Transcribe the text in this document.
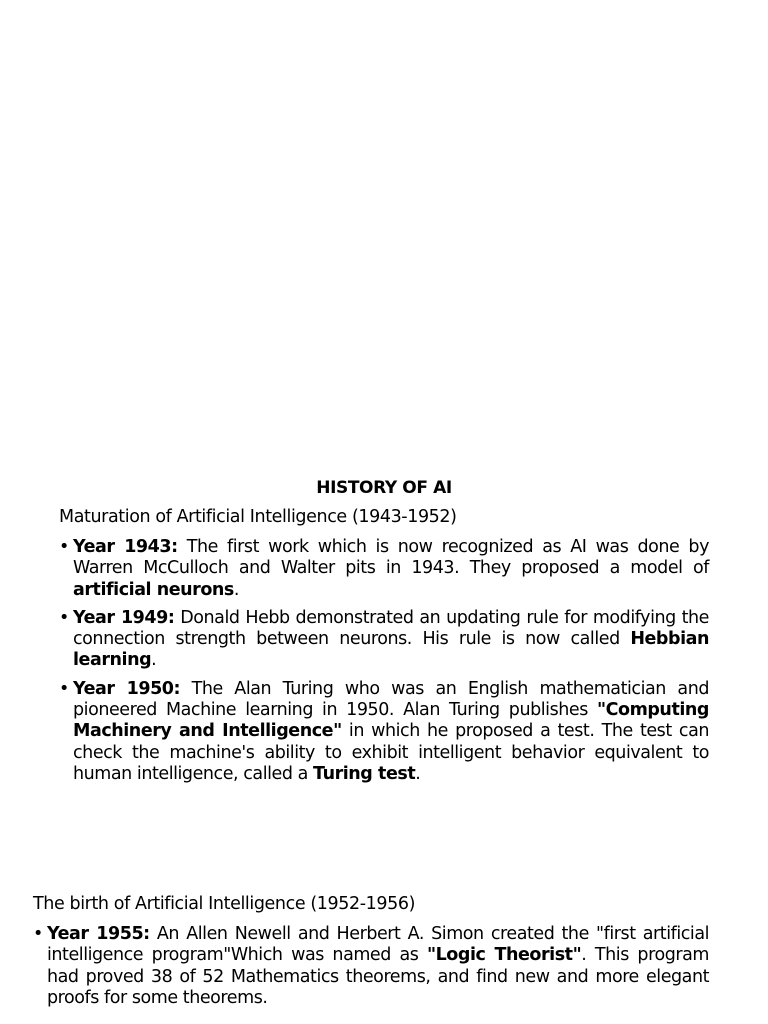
HISTORY OF AI
Maturation of Artificial Intelligence (1943-1952)
• Year 1943: The first work which is now recognized as AI was done by Warren McCulloch and Walter pits in 1943. They proposed a model of artificial neurons.
• Year 1949: Donald Hebb demonstrated an updating rule for modifying the connection strength between neurons. His rule is now called Hebbian learning.
• Year 1950: The Alan Turing who was an English mathematician and pioneered Machine learning in 1950. Alan Turing publishes "Computing Machinery and Intelligence" in which he proposed a test. The test can check the machine's ability to exhibit intelligent behavior equivalent to human intelligence, called a Turing test.
The birth of Artificial Intelligence (1952-1956)
• Year 1955: An Allen Newell and Herbert A. Simon created the "first artificial intelligence program"Which was named as "Logic Theorist". This program had proved 38 of 52 Mathematics theorems, and find new and more elegant proofs for some theorems.
